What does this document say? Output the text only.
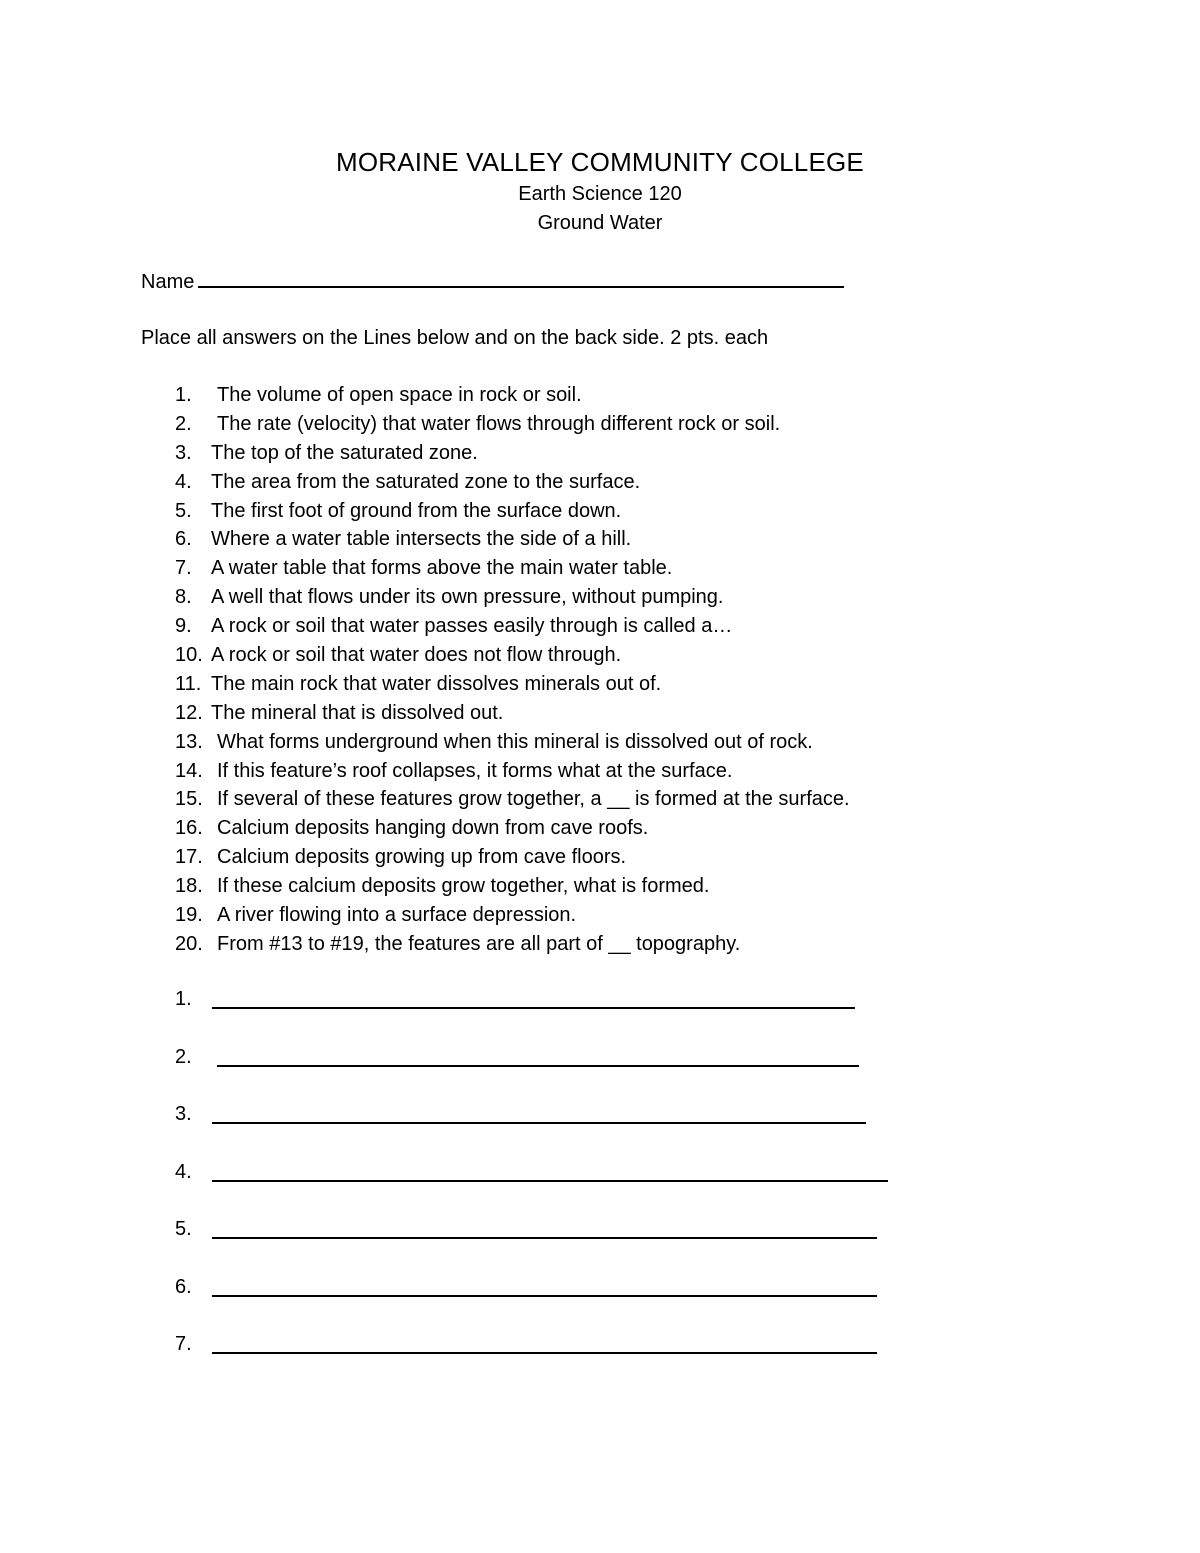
MORAINE VALLEY COMMUNITY COLLEGE
Earth Science 120
Ground Water
Name
Place all answers on the Lines below and on the back side. 2 pts. each
1. The volume of open space in rock or soil.
2. The rate (velocity) that water flows through different rock or soil.
3. The top of the saturated zone.
4. The area from the saturated zone to the surface.
5. The first foot of ground from the surface down.
6. Where a water table intersects the side of a hill.
7. A water table that forms above the main water table.
8. A well that flows under its own pressure, without pumping.
9. A rock or soil that water passes easily through is called a…
10. A rock or soil that water does not flow through.
11. The main rock that water dissolves minerals out of.
12. The mineral that is dissolved out.
13. What forms underground when this mineral is dissolved out of rock.
14. If this feature’s roof collapses, it forms what at the surface.
15. If several of these features grow together, a __ is formed at the surface.
16. Calcium deposits hanging down from cave roofs.
17. Calcium deposits growing up from cave floors.
18. If these calcium deposits grow together, what is formed.
19. A river flowing into a surface depression.
20. From #13 to #19, the features are all part of __ topography.
1.
2.
3.
4.
5.
6.
7.
